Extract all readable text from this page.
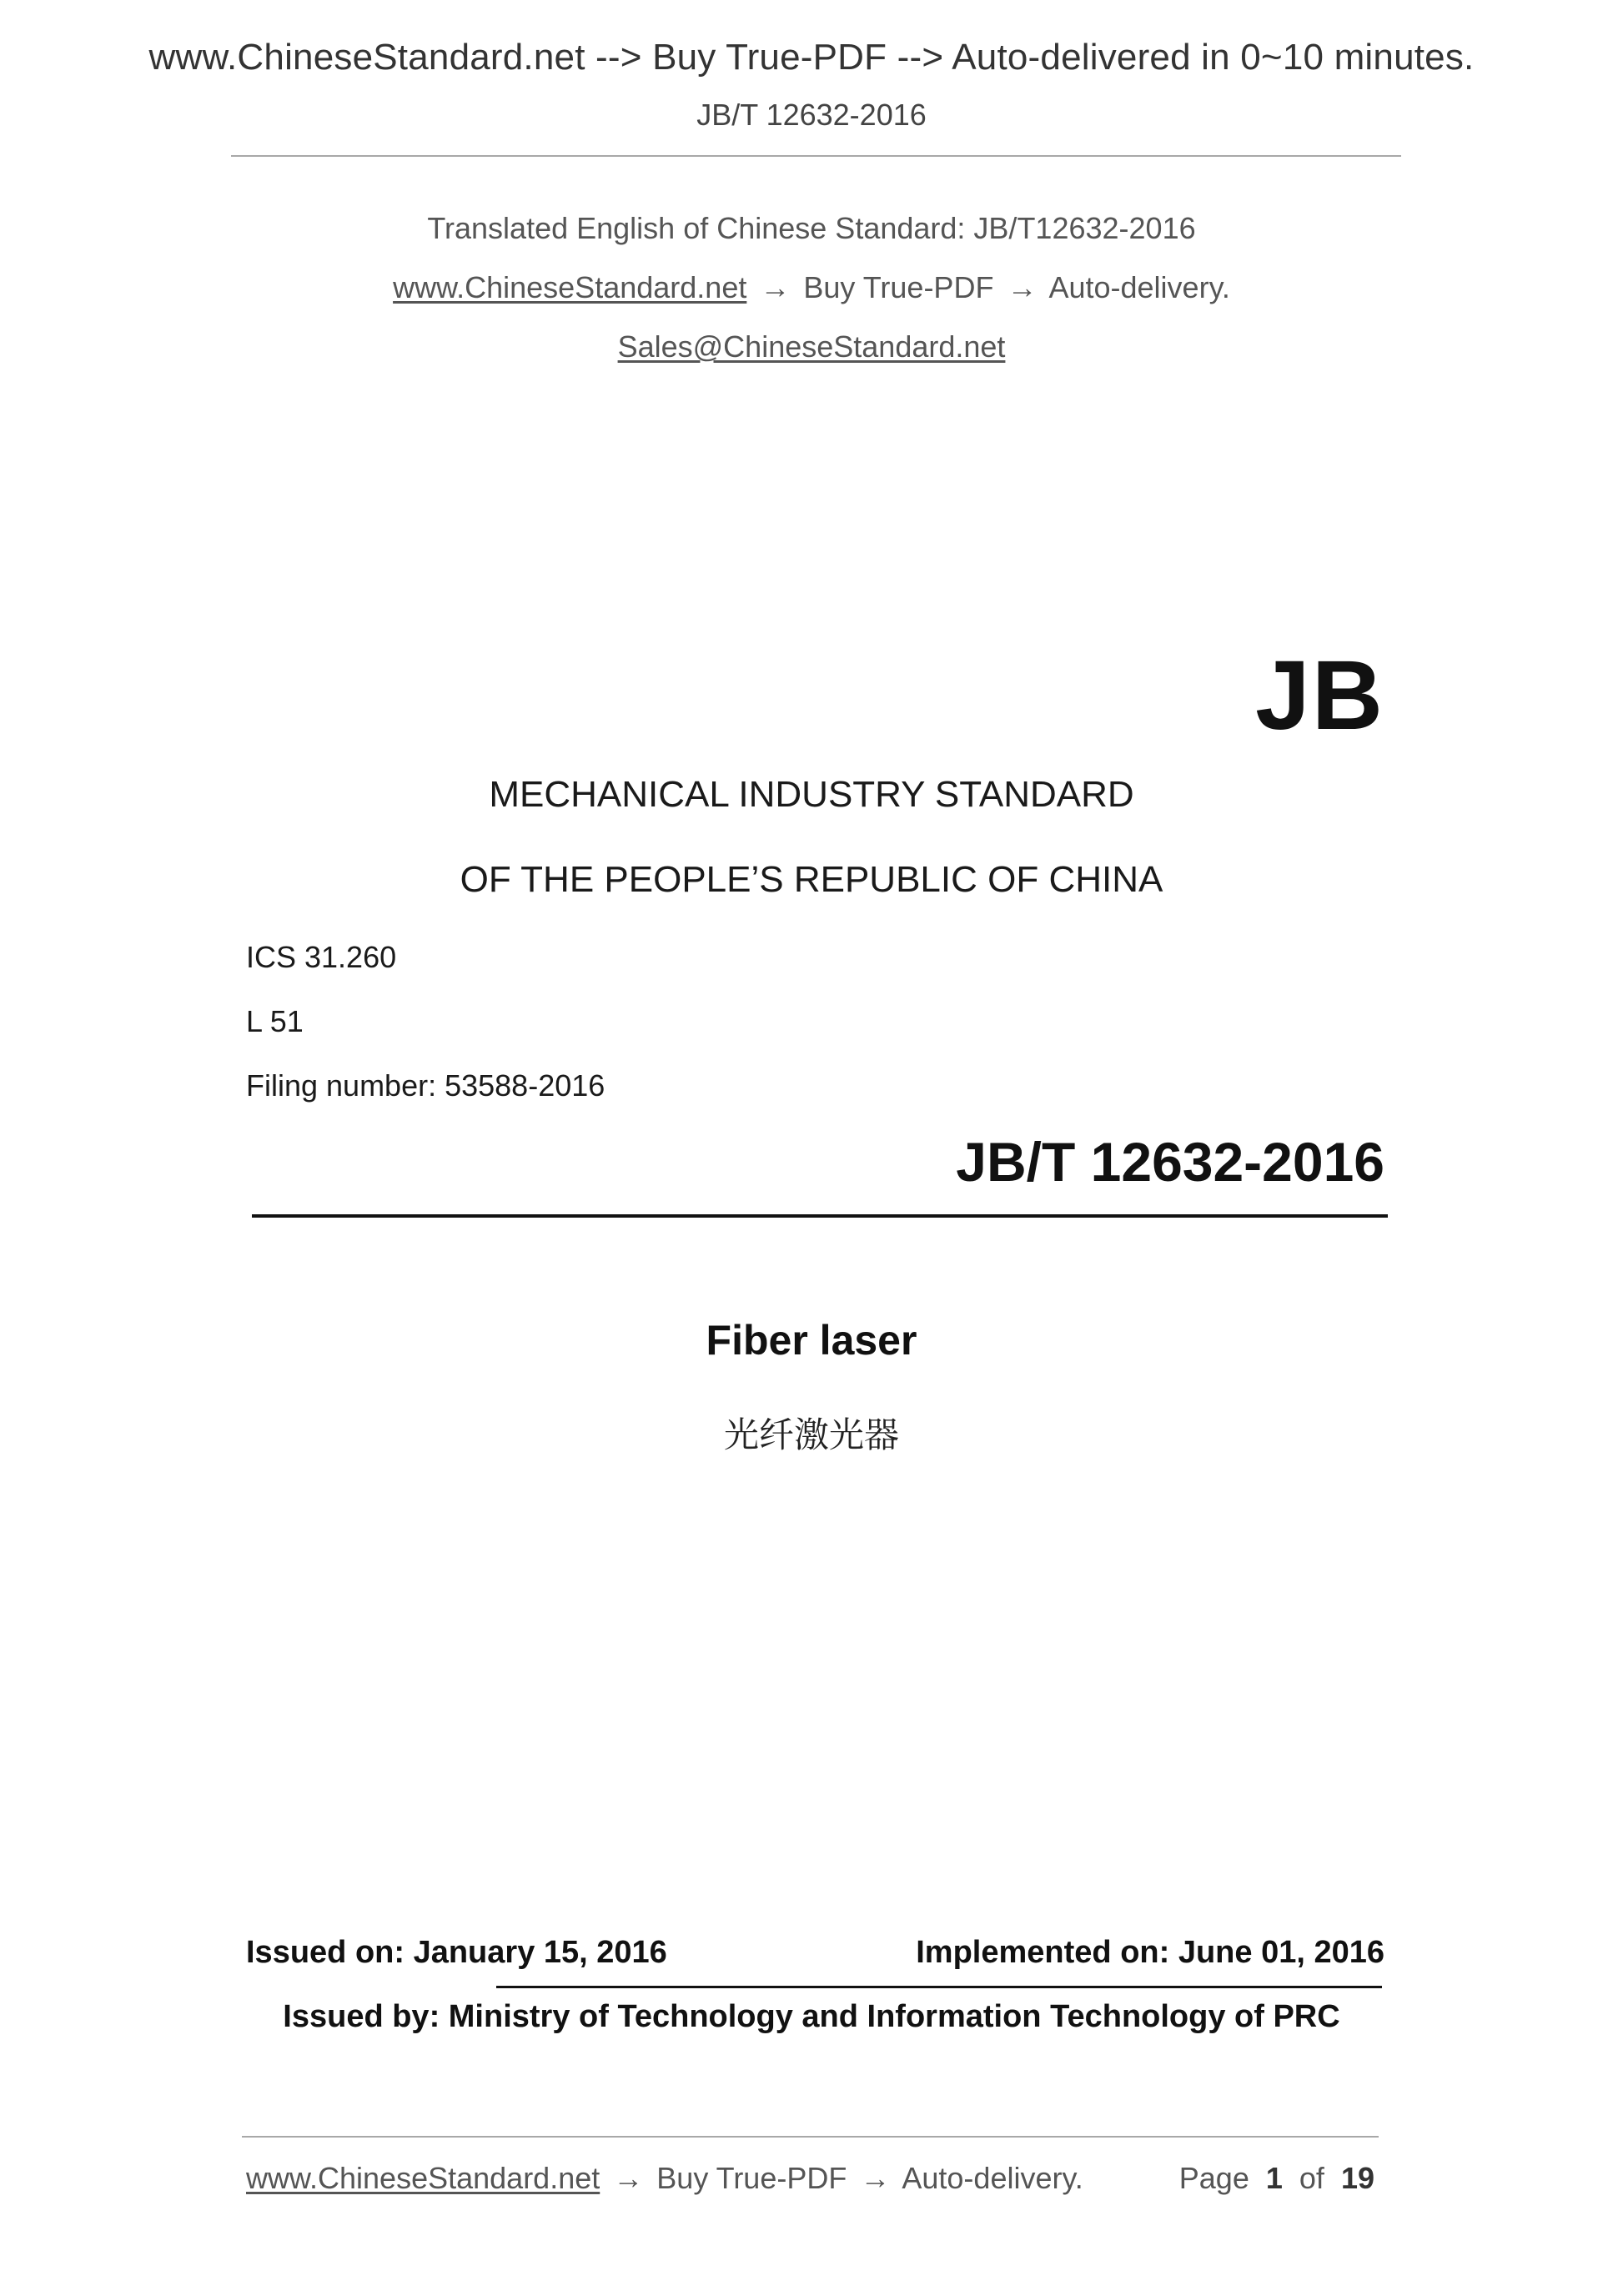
www.ChineseStandard.net --> Buy True-PDF --> Auto-delivered in 0~10 minutes.
JB/T 12632-2016
Translated English of Chinese Standard: JB/T12632-2016
www.ChineseStandard.net → Buy True-PDF → Auto-delivery.
Sales@ChineseStandard.net
JB
MECHANICAL INDUSTRY STANDARD
OF THE PEOPLE’S REPUBLIC OF CHINA
ICS 31.260
L 51
Filing number: 53588-2016
JB/T 12632-2016
Fiber laser
光纤激光器
Issued on: January 15, 2016	Implemented on: June 01, 2016
Issued by: Ministry of Technology and Information Technology of PRC
www.ChineseStandard.net → Buy True-PDF → Auto-delivery.	Page 1 of 19
